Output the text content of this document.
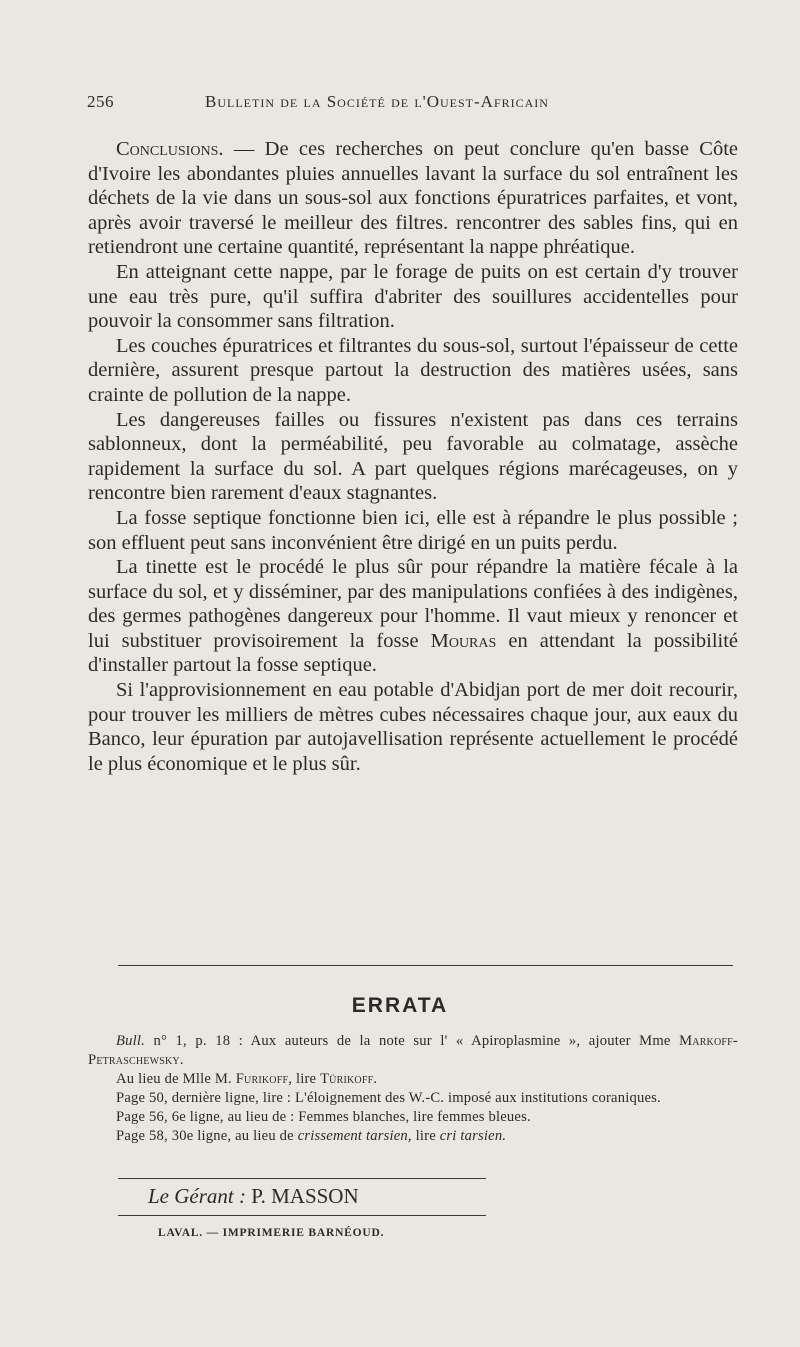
256	Bulletin de la Société de l'Ouest-Africain

Conclusions. — De ces recherches on peut conclure qu'en basse Côte d'Ivoire les abondantes pluies annuelles lavant la surface du sol entraînent les déchets de la vie dans un sous-sol aux fonctions épuratrices parfaites, et vont, après avoir traversé le meilleur des filtres. rencontrer des sables fins, qui en retiendront une certaine quantité, représentant la nappe phréatique.

En atteignant cette nappe, par le forage de puits on est certain d'y trouver une eau très pure, qu'il suffira d'abriter des souillures accidentelles pour pouvoir la consommer sans filtration.

Les couches épuratrices et filtrantes du sous-sol, surtout l'épaisseur de cette dernière, assurent presque partout la destruction des matières usées, sans crainte de pollution de la nappe.

Les dangereuses failles ou fissures n'existent pas dans ces terrains sablonneux, dont la perméabilité, peu favorable au colmatage, assèche rapidement la surface du sol. A part quelques régions marécageuses, on y rencontre bien rarement d'eaux stagnantes.

La fosse septique fonctionne bien ici, elle est à répandre le plus possible ; son effluent peut sans inconvénient être dirigé en un puits perdu.

La tinette est le procédé le plus sûr pour répandre la matière fécale à la surface du sol, et y disséminer, par des manipulations confiées à des indigènes, des germes pathogènes dangereux pour l'homme. Il vaut mieux y renoncer et lui substituer provisoirement la fosse Mouras en attendant la possibilité d'installer partout la fosse septique.

Si l'approvisionnement en eau potable d'Abidjan port de mer doit recourir, pour trouver les milliers de mètres cubes nécessaires chaque jour, aux eaux du Banco, leur épuration par autojavellisation représente actuellement le procédé le plus économique et le plus sûr.

ERRATA

Bull. n° 1, p. 18 : Aux auteurs de la note sur l' « Apiroplasmine », ajouter Mme Markoff-Petraschewsky.

Au lieu de Mlle M. Furikoff, lire Türikoff.

Page 50, dernière ligne, lire : L'éloignement des W.-C. imposé aux institutions coraniques.

Page 56, 6e ligne, au lieu de : Femmes blanches, lire femmes bleues.

Page 58, 30e ligne, au lieu de crissement tarsien, lire cri tarsien.

Le Gérant : P. MASSON
LAVAL. — IMPRIMERIE BARNÉOUD.
